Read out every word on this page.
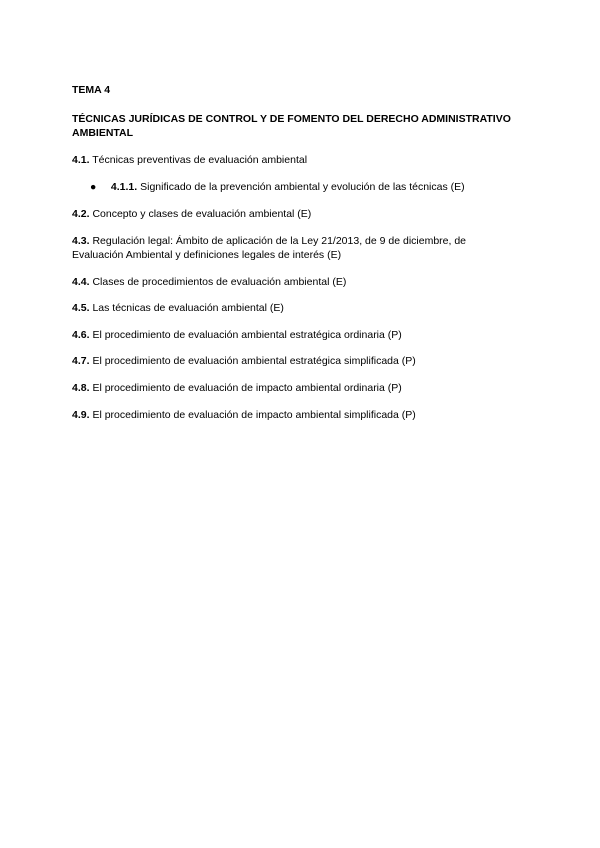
TEMA 4
TÉCNICAS JURÍDICAS DE CONTROL Y DE FOMENTO DEL DERECHO ADMINISTRATIVO AMBIENTAL
4.1. Técnicas preventivas de evaluación ambiental
● 4.1.1. Significado de la prevención ambiental y evolución de las técnicas (E)
4.2. Concepto y clases de evaluación ambiental (E)
4.3. Regulación legal: Ámbito de aplicación de la Ley 21/2013, de 9 de diciembre, de Evaluación Ambiental y definiciones legales de interés (E)
4.4. Clases de procedimientos de evaluación ambiental (E)
4.5. Las técnicas de evaluación ambiental (E)
4.6. El procedimiento de evaluación ambiental estratégica ordinaria (P)
4.7. El procedimiento de evaluación ambiental estratégica simplificada (P)
4.8. El procedimiento de evaluación de impacto ambiental ordinaria (P)
4.9. El procedimiento de evaluación de impacto ambiental simplificada (P)
